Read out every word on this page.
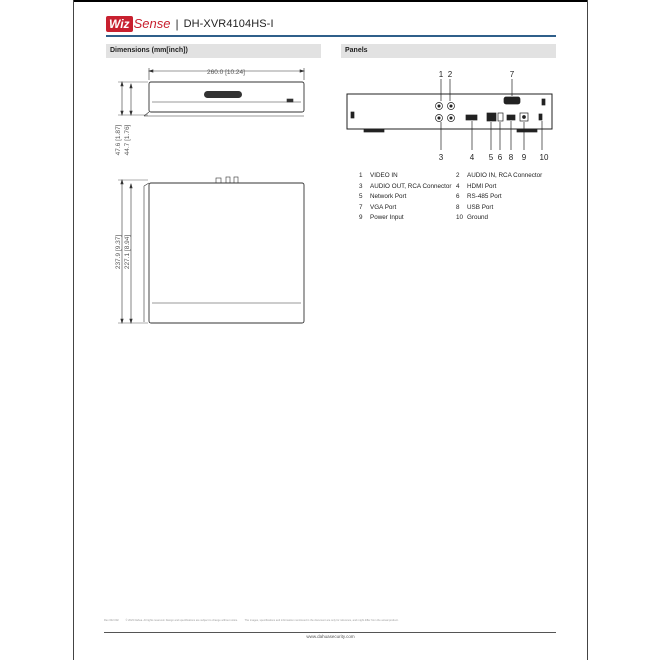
Wiz Sense | DH-XVR4104HS-I
Dimensions (mm[inch])	Panels
260.0 [10.24]
47.6 [1.87] 44.7 [1.76]
237.9 [9.37] 227.1 [8.94]
1 2	7
3	4 5 6 8 9 10
1	VIDEO IN	2	AUDIO IN, RCA Connector
3	AUDIO OUT, RCA Connector 4	HDMI Port
5	Network Port	6	RS-485 Port
7	VGA Port	8	USB Port
9	Power Input	10 Ground
Rev 002.002	© 2023 Dahua. All rights reserved. Design and specifications are subject to change without notice.	The images, specifications and information mentioned in the document are only for reference, and might differ from the actual product.
www.dahuasecurity.com
